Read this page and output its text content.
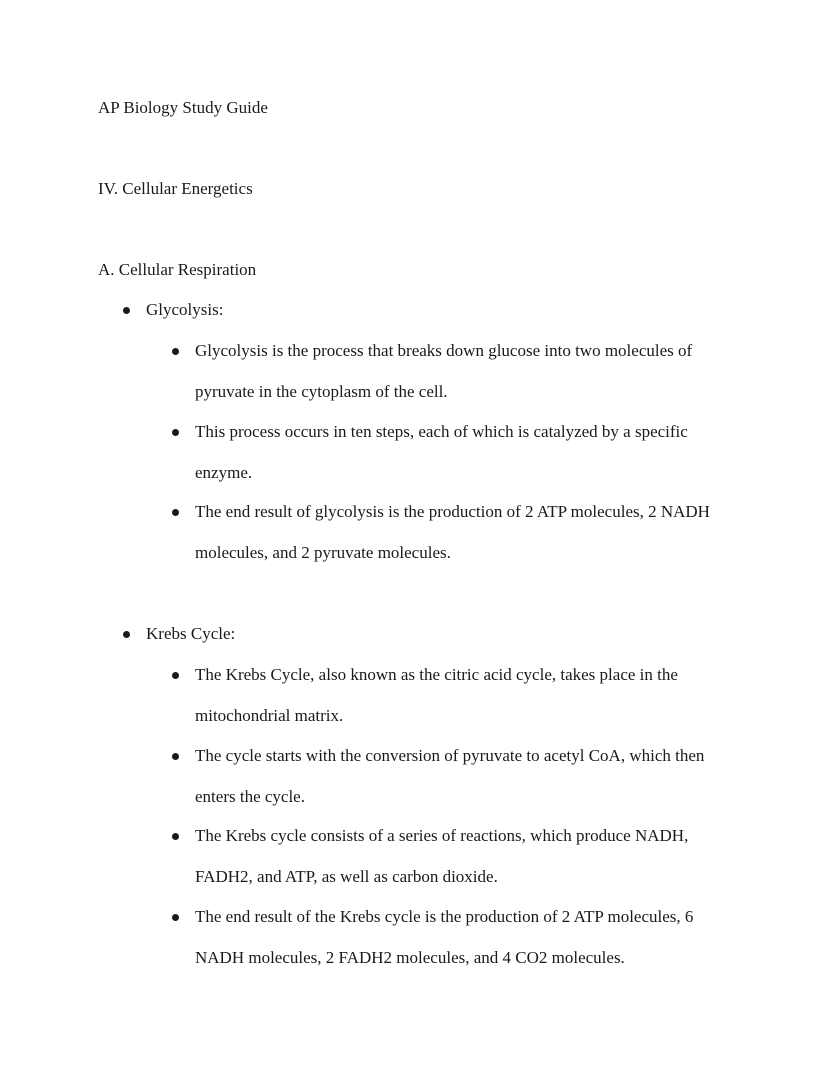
AP Biology Study Guide
IV. Cellular Energetics
A. Cellular Respiration
Glycolysis:
Glycolysis is the process that breaks down glucose into two molecules of
pyruvate in the cytoplasm of the cell.
This process occurs in ten steps, each of which is catalyzed by a specific
enzyme.
The end result of glycolysis is the production of 2 ATP molecules, 2 NADH
molecules, and 2 pyruvate molecules.
Krebs Cycle:
The Krebs Cycle, also known as the citric acid cycle, takes place in the
mitochondrial matrix.
The cycle starts with the conversion of pyruvate to acetyl CoA, which then
enters the cycle.
The Krebs cycle consists of a series of reactions, which produce NADH,
FADH2, and ATP, as well as carbon dioxide.
The end result of the Krebs cycle is the production of 2 ATP molecules, 6
NADH molecules, 2 FADH2 molecules, and 4 CO2 molecules.
